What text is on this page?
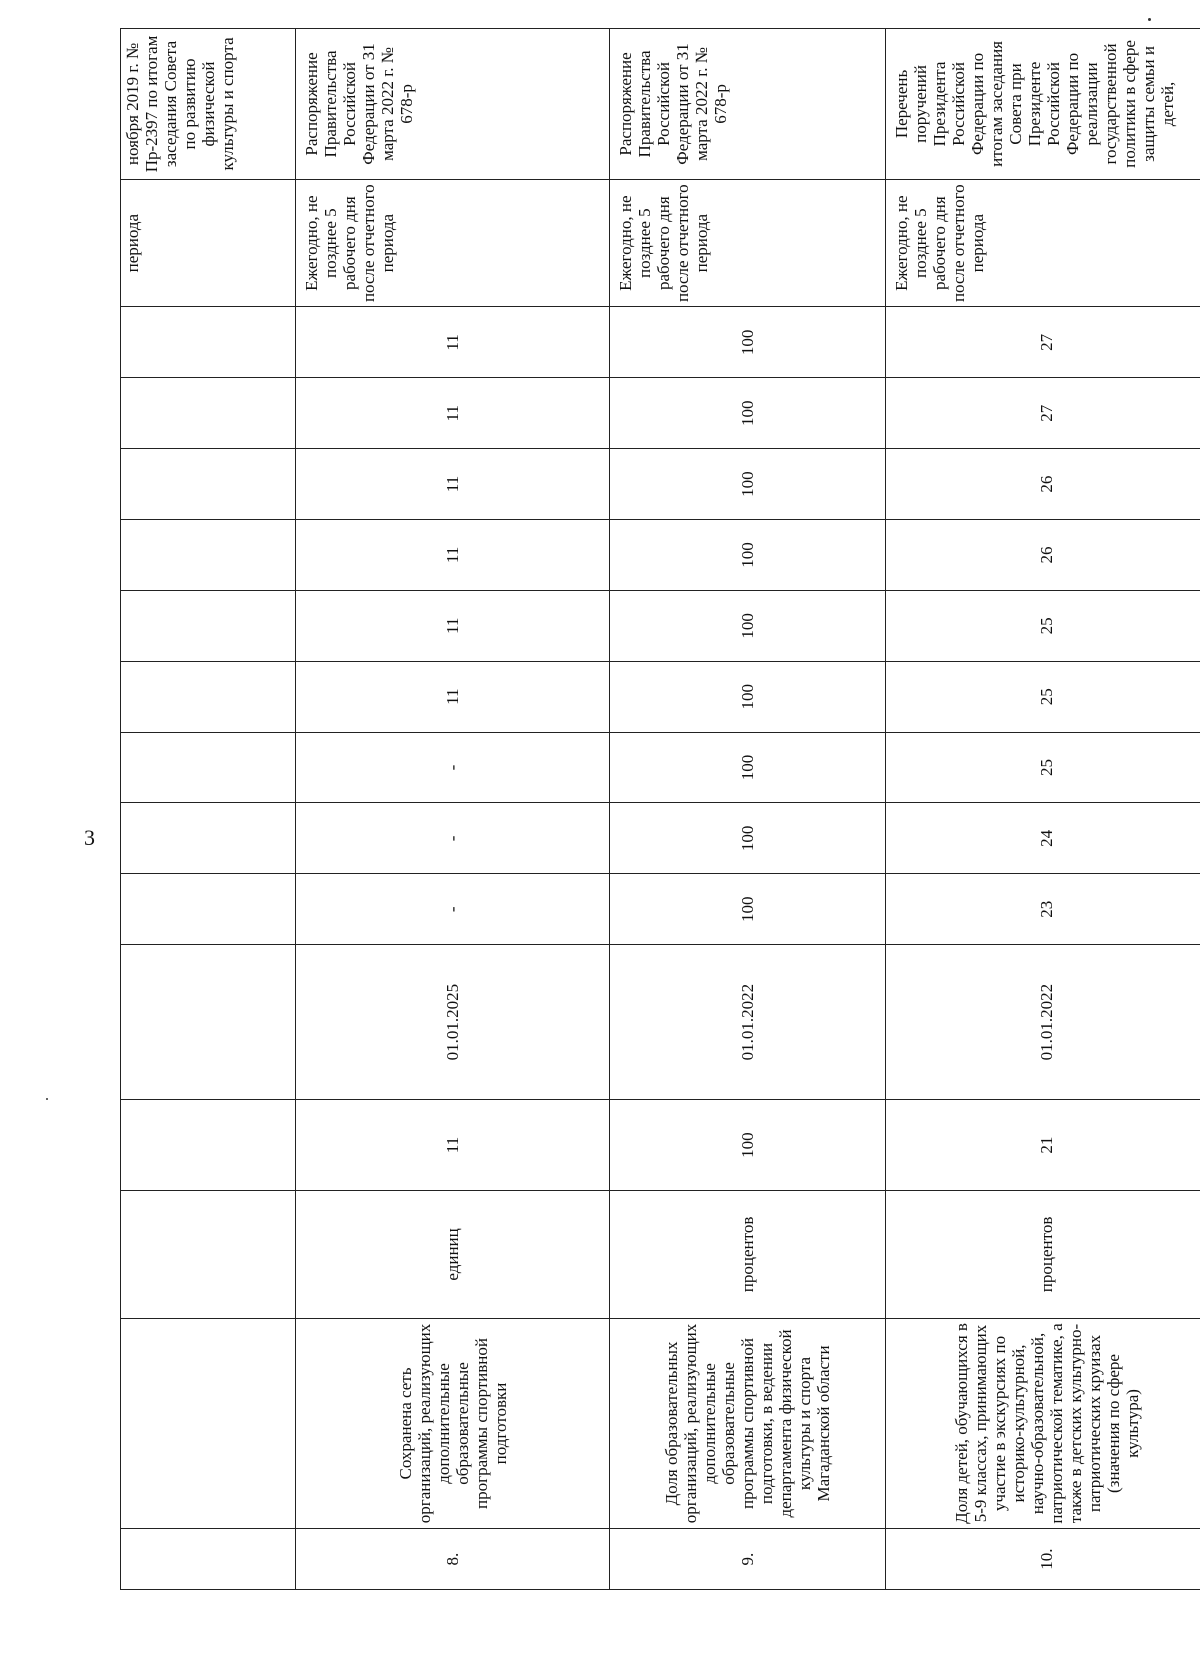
3
														периода	ноября 2019 г. № Пр-2397 по итогам заседания Совета по развитию физической культуры и спорта
8.	Сохранена сеть организаций, реализующих дополнительные образовательные программы спортивной подготовки	единиц	11	01.01.2025	-	-	-	11	11	11	11	11	11	Ежегодно, не позднее 5 рабочего дня после отчетного периода	Распоряжение Правительства Российской Федерации от 31 марта 2022 г. № 678-р
9.	Доля образовательных организаций, реализующих дополнительные образовательные программы спортивной подготовки, в ведении департамента физической культуры и спорта Магаданской области	процентов	100	01.01.2022	100	100	100	100	100	100	100	100	100	Ежегодно, не позднее 5 рабочего дня после отчетного периода	Распоряжение Правительства Российской Федерации от 31 марта 2022 г. № 678-р
10.	Доля детей, обучающихся в 5-9 классах, принимающих участие в экскурсиях по историко-культурной, научно-образовательной, патриотической тематике, а также в детских культурно-патриотических круизах (значения по сфере культура)	процентов	21	01.01.2022	23	24	25	25	25	26	26	27	27	Ежегодно, не позднее 5 рабочего дня после отчетного периода	Перечень поручений Президента Российской Федерации по итогам заседания Совета при Президенте Российской Федерации по реализации государственной политики в сфере защиты семьи и детей,
